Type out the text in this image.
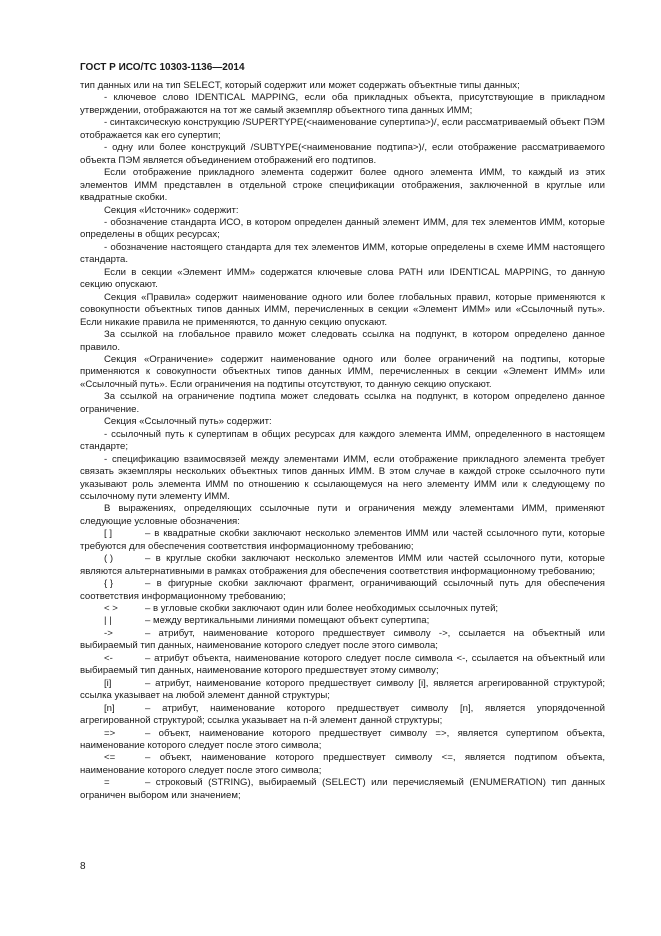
ГОСТ Р ИСО/ТС 10303-1136—2014

тип данных или на тип SELECT, который содержит или может содержать объектные типы данных;

- ключевое слово IDENTICAL MAPPING, если оба прикладных объекта, присутствующие в прикладном утверждении, отображаются на тот же самый экземпляр объектного типа данных ИММ;

- синтаксическую конструкцию /SUPERTYPE(<наименование супертипа>)/, если рассматриваемый объект ПЭМ отображается как его супертип;

- одну или более конструкций /SUBTYPE(<наименование подтипа>)/, если отображение рассматриваемого объекта ПЭМ является объединением отображений его подтипов.

Если отображение прикладного элемента содержит более одного элемента ИММ, то каждый из этих элементов ИММ представлен в отдельной строке спецификации отображения, заключенной в круглые или квадратные скобки.

Секция «Источник» содержит:

- обозначение стандарта ИСО, в котором определен данный элемент ИММ, для тех элементов ИММ, которые определены в общих ресурсах;

- обозначение настоящего стандарта для тех элементов ИММ, которые определены в схеме ИММ настоящего стандарта.

Если в секции «Элемент ИММ» содержатся ключевые слова PATH или IDENTICAL MAPPING, то данную секцию опускают.

Секция «Правила» содержит наименование одного или более глобальных правил, которые применяются к совокупности объектных типов данных ИММ, перечисленных в секции «Элемент ИММ» или «Ссылочный путь». Если никакие правила не применяются, то данную секцию опускают.

За ссылкой на глобальное правило может следовать ссылка на подпункт, в котором определено данное правило.

Секция «Ограничение» содержит наименование одного или более ограничений на подтипы, которые применяются к совокупности объектных типов данных ИММ, перечисленных в секции «Элемент ИММ» или «Ссылочный путь». Если ограничения на подтипы отсутствуют, то данную секцию опускают.

За ссылкой на ограничение подтипа может следовать ссылка на подпункт, в котором определено данное ограничение.

Секция «Ссылочный путь» содержит:

- ссылочный путь к супертипам в общих ресурсах для каждого элемента ИММ, определенного в настоящем стандарте;

- спецификацию взаимосвязей между элементами ИММ, если отображение прикладного элемента требует связать экземпляры нескольких объектных типов данных ИММ. В этом случае в каждой строке ссылочного пути указывают роль элемента ИММ по отношению к ссылающемуся на него элементу ИММ или к следующему по ссылочному пути элементу ИММ.

В выражениях, определяющих ссылочные пути и ограничения между элементами ИММ, применяют следующие условные обозначения:

[ ]	– в квадратные скобки заключают несколько элементов ИММ или частей ссылочного пути, которые требуются для обеспечения соответствия информационному требованию;

( )	– в круглые скобки заключают несколько элементов ИММ или частей ссылочного пути, которые являются альтернативными в рамках отображения для обеспечения соответствия информационному требованию;

{ }	– в фигурные скобки заключают фрагмент, ограничивающий ссылочный путь для обеспечения соответствия информационному требованию;

< >	– в угловые скобки заключают один или более необходимых ссылочных путей;

| |	– между вертикальными линиями помещают объект супертипа;

->	– атрибут, наименование которого предшествует символу ->, ссылается на объектный или выбираемый тип данных, наименование которого следует после этого символа;

<-	– атрибут объекта, наименование которого следует после символа <-, ссылается на объектный или выбираемый тип данных, наименование которого предшествует этому символу;

[i]	– атрибут, наименование которого предшествует символу [i], является агрегированной структурой; ссылка указывает на любой элемент данной структуры;

[n]	– атрибут, наименование которого предшествует символу [n], является упорядоченной агрегированной структурой; ссылка указывает на n-й элемент данной структуры;

=>	– объект, наименование которого предшествует символу =>, является супертипом объекта, наименование которого следует после этого символа;

<=	– объект, наименование которого предшествует символу <=, является подтипом объекта, наименование которого следует после этого символа;

=	– строковый (STRING), выбираемый (SELECT) или перечисляемый (ENUMERATION) тип данных ограничен выбором или значением;

8
